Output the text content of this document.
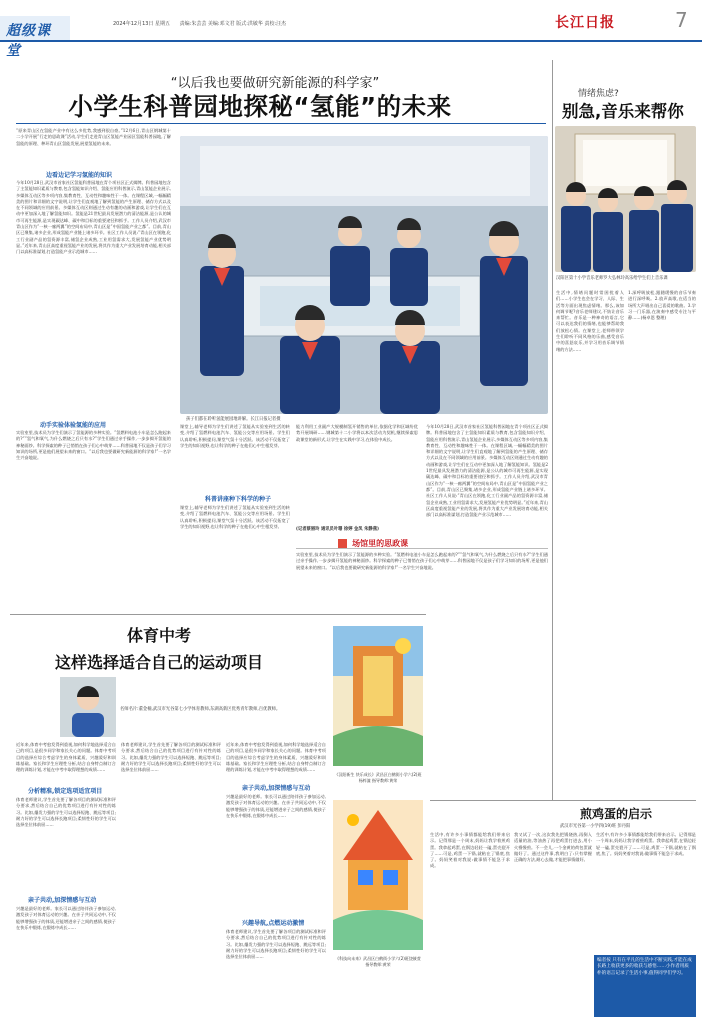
超级课堂
2024年12月13日 星期五 责编:朱芸芸 美编:邓文君 版式:洪敏华 责校:汪杰	长江日报	7
“以后我也要做研究新能源的科学家”
小学生科普园地探秘“氢能”的未来
“原来青山区在氢能产业中有这么多优势,我感到很自豪。”12月6日,青山区钢城第十二小学开展“行走的思政课”活动,学生们走进青山区氢能产业园区氢能科普园地,了解氢能的原理、种环青山区氢能发展,展望氢能的未来。
边看边记学习氢能的知识
今年10月28日,武汉市首家社区氢能科普园地在青个项社区正式揭牌。科普园地包含了主氢能知识素质与教育,包含氢能知识介绍、氢能应用科普演示,青山氢能企业展示,多媒体互动区等多项内容,集教育性、互动性和趣味性于一体。在课程区域,一幅幅精美的图片和详细的文字说明,让学生们直观地了解到氢能的产生原理、储存方式以及在不同领域的应用前景。多媒体互动区则通过生动有趣的动画和游戏,让学生们在互动中更加深入地了解氢能知识。氢能是21世纪最具发展潜力的清洁能源,是公认的城市可再生能源,是实现碳达峰、碳中和目标的重要途径和抓手。工作人员介绍,武汉市青山区作为“一核一廊两翼”的空间布局中,青山区是“中国氢能产业之都”。目前,青山区已聚集,诸多企业,形成氢能产业链上诸多环节。社区工作人员说:“青山区在领跑,化工行业副产品的氢资源丰富,储氢企业成熟,工业用氢需求大,发展氢能产业优势明显。”近年来,青山区高度重视氢能产业的发展,将其作为重大产业发展培育动能,相关部门以高标准谋划,打造氢能产业示范城市……
动手实验体验氢能的应用
实验室里,技术员为学生们演示了氢能源的多种实验。“氢燃料电池小车是怎么跑起来的?”“氢气和氧气,为什么燃烧之后只有水?”学生们通过亲手操作,一步步揭开氢能的神秘面纱。科学探索的种子已悄悄在孩子们心中萌芽……科普园地不仅是孩子们学习知识的场所,更是他们展望未来的窗口。“以后我也要做研究新能源的科学家!”一名学生兴奋地说。
孩子们都在聆听氢能展园地讲解。长江日报记者摄
课堂上,辅导老师为学生们讲述了氢能从实验室到生活的转变,介绍了氢燃料电池汽车、氢能公交等应用场景。学生们认真聆听,积极提问,课堂气氛十分活跃。该活动不仅拓宽了学生的知识视野,也让科学的种子在他们心中生根发芽。
科普讲座种下科学的种子
课堂上,辅导老师为学生们讲述了氢能从实验室到生活的转变,介绍了氢燃料电池汽车、氢能公交等应用场景。学生们认真聆听,积极提问,课堂气氛十分活跃。该活动不仅拓宽了学生的知识视野,也让科学的种子在他们心中生根发芽。
能力利用工业副产大规模制氢开销售的单位,依据化学和区域纷优势开展调研……钢城第十二小学将以本次活动为契机,继续探索思政课堂的新形式,让学生在实践中学习,在体验中成长。
今年10月28日,武汉市首家社区氢能科普园地在青个项社区正式揭牌。科普园地包含了主氢能知识素质与教育,包含氢能知识介绍、氢能应用科普演示,青山氢能企业展示,多媒体互动区等多项内容,集教育性、互动性和趣味性于一体。在课程区域,一幅幅精美的图片和详细的文字说明,让学生们直观地了解到氢能的产生原理、储存方式以及在不同领域的应用前景。多媒体互动区则通过生动有趣的动画和游戏,让学生们在互动中更加深入地了解氢能知识。氢能是21世纪最具发展潜力的清洁能源,是公认的城市可再生能源,是实现碳达峰、碳中和目标的重要途径和抓手。工作人员介绍,武汉市青山区作为“一核一廊两翼”的空间布局中,青山区是“中国氢能产业之都”。目前,青山区已聚集,诸多企业,形成氢能产业链上诸多环节。社区工作人员说:“青山区在领跑,化工行业副产品的氢资源丰富,储氢企业成熟,工业用氢需求大,发展氢能产业优势明显。”近年来,青山区高度重视氢能产业的发展,将其作为重大产业发展培育动能,相关部门以高标准谋划,打造氢能产业示范城市……
(记者蔡丽玲 通讯员叶珊 徐婷 金凤 朱静燕)
场馆里的思政课
实验室里,技术员为学生们演示了氢能源的多种实验。“氢燃料电池小车是怎么跑起来的?”“氢气和氧气,为什么燃烧之后只有水?”学生们通过亲手操作,一步步揭开氢能的神秘面纱。科学探索的种子已悄悄在孩子们心中萌芽……科普园地不仅是孩子们学习知识的场所,更是他们展望未来的窗口。“以后我也要做研究新能源的科学家!”一名学生兴奋地说。
情绪焦虑?
别急,音乐来帮你
汉阳区第十小学音乐老师罗大弘林玲高乐给学生们上音乐课
生活中,情绪问题时常困扰着人们……小学生也会在学习、人际、生活等方面出现焦虑情绪。那么,该如何调节呢?音乐老师建议,不妨让音乐来帮忙。音乐是一种神奇的语言,它可以表达我们的情绪,也能够帮助我们放松心情。在课堂上,老师带领学生们聆听不同风格的乐曲,感受音乐中的喜怒哀乐,并学习用音乐调节情绪的方法……
1.深呼吸放松,跟随缓慢的音乐节奏进行深呼吸。2.放声高歌,在适当的场所大声唱出自己喜爱的歌曲。3.学习一门乐器,在演奏中感受专注与平静……(杨卓恩 整理)
体育中考
这样选择适合自己的运动项目
名师名片:董金楠,武汉市光谷第七小学体育教师,东湖高新区优秀青年教师,百优教师。
近年来,体育中考愈发得到重视,如何科学地选择适合自己的项目,是很多同学和家长关心的问题。体育中考项目的选择应综合考虑学生的身体素质、兴趣爱好和训练基础。家长和学生应理性分析,结合自身特点制订合理的训练计划,才能在中考中取得理想的成绩……
分析精准,锁定选项适宜项目
体育老师建议,学生首先要了解各项目的测试标准和评分要求,然后结合自己的优势项目进行有针对性的练习。比如,爆发力强的学生可以选择短跑、跳远等项目;耐力好的学生可以选择长跑项目;柔韧性好的学生可以选择坐位体前屈……
亲子共动,加深情感与互动
兴趣是最好的老师。家长可以通过陪伴孩子参加运动,激发孩子对体育运动的兴趣。在亲子共同运动中,不仅能够增强孩子的体质,还能增进亲子之间的感情,使孩子在快乐中锻炼,在锻炼中成长……
体育老师建议,学生首先要了解各项目的测试标准和评分要求,然后结合自己的优势项目进行有针对性的练习。比如,爆发力强的学生可以选择短跑、跳远等项目;耐力好的学生可以选择长跑项目;柔韧性好的学生可以选择坐位体前屈……
近年来,体育中考愈发得到重视,如何科学地选择适合自己的项目,是很多同学和家长关心的问题。体育中考项目的选择应综合考虑学生的身体素质、兴趣爱好和训练基础。家长和学生应理性分析,结合自身特点制订合理的训练计划,才能在中考中取得理想的成绩……
亲子共动,加深情感与互动
兴趣是最好的老师。家长可以通过陪伴孩子参加运动,激发孩子对体育运动的兴趣。在亲子共同运动中,不仅能够增强孩子的体质,还能增进亲子之间的感情,使孩子在快乐中锻炼,在锻炼中成长……
兴趣导航,点燃运动激情
体育老师建议,学生首先要了解各项目的测试标准和评分要求,然后结合自己的优势项目进行有针对性的练习。比如,爆发力强的学生可以选择短跑、跳远等项目;耐力好的学生可以选择长跑项目;柔韧性好的学生可以选择坐位体前屈……
《汉阳新生 快乐成长》武昌区白鹤街小学六(2)班杨梓潼 指导教师:黄荣
《科技向未来》武昌区白鹤街小学六(2)班饶筱萱 指导教师:黄荣
煎鸡蛋的启示
武汉市光谷第一小学四(19)班 彭丹阳
生活中,有许多小事情都能给我们带来启示。记得那是一个周末,妈妈让我学着煎鸡蛋。我拿起鸡蛋,在锅边轻轻一磕,蛋壳裂开了……可是,鸡蛋一下锅,就粘在了锅底,焦了。妈妈笑着对我说:做事情不能急于求成。
我又试了一次,这次我先把锅烧热,再倒入适量的油,等油热了再把鸡蛋打进去,用小火慢慢煎。不一会儿,一个金黄的荷包蛋就做好了。通过这件事,我明白了:只有掌握正确的方法,耐心去做,才能把事情做好。
生活中,有许多小事情都能给我们带来启示。记得那是一个周末,妈妈让我学着煎鸡蛋。我拿起鸡蛋,在锅边轻轻一磕,蛋壳裂开了……可是,鸡蛋一下锅,就粘在了锅底,焦了。妈妈笑着对我说:做事情不能急于求成。
编者按 只有在平凡的生活中不断实践,才能在成长路上收获更多的收获与感悟……小作者用质朴的语言记录了生活小事,值得同学们学习。
